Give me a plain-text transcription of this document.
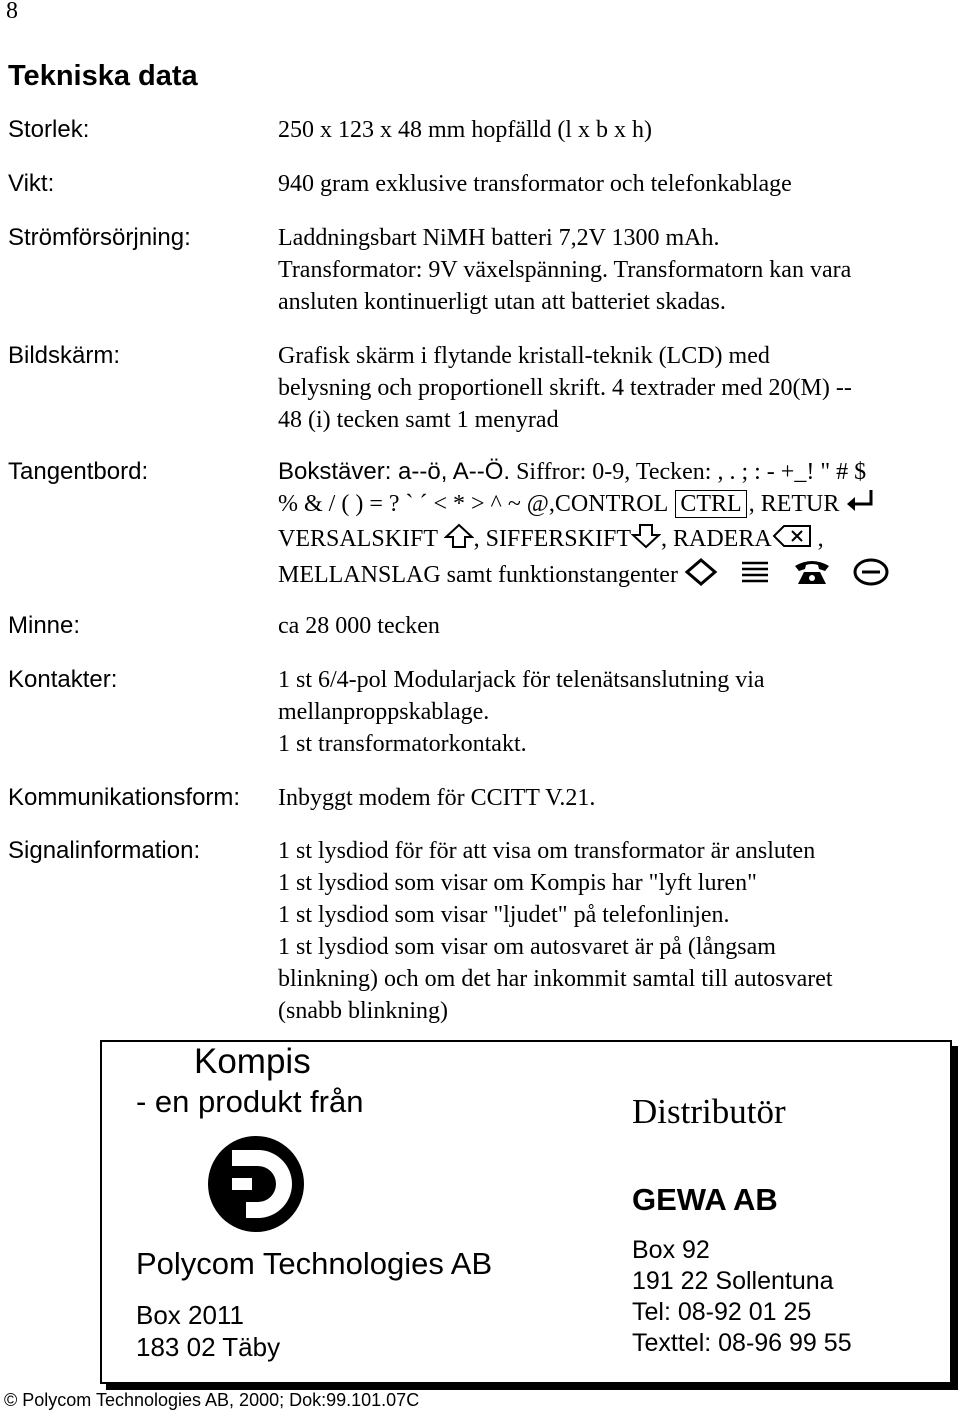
8
Tekniska data
Storlek:	250 x 123 x 48 mm hopfälld (l x b x h)
Vikt:	940 gram exklusive transformator och telefonkablage
Strömförsörjning:	Laddningsbart NiMH batteri 7,2V 1300 mAh.
Transformator: 9V växelspänning. Transformatorn kan vara
ansluten kontinuerligt utan att batteriet skadas.
Bildskärm:	Grafisk skärm i flytande kristall-teknik (LCD) med
belysning och proportionell skrift. 4 textrader med 20(M) --
48 (i) tecken samt 1 menyrad
Tangentbord:	Bokstäver: a--ö, A--Ö. Siffror: 0-9, Tecken: , . ; : - +_! " # $
% & / ( ) = ? ` ´ < * > ^ ~ @,CONTROL CTRL , RETUR
VERSALSKIFT , SIFFERSKIFT , RADERA ,
MELLANSLAG samt funktionstangenter
Minne:	ca 28 000 tecken
Kontakter:	1 st 6/4-pol Modularjack för telenätsanslutning via
mellanproppskablage.
1 st transformatorkontakt.
Kommunikationsform: Inbyggt modem för CCITT V.21.
Signalinformation:	1 st lysdiod för för att visa om transformator är ansluten
1 st lysdiod som visar om Kompis har "lyft luren"
1 st lysdiod som visar "ljudet" på telefonlinjen.
1 st lysdiod som visar om autosvaret är på (långsam
blinkning) och om det har inkommit samtal till autosvaret
(snabb blinkning)
Kompis
- en produkt från
Polycom Technologies AB
Box 2011
183 02 Täby
Distributör
GEWA AB
Box 92
191 22 Sollentuna
Tel: 08-92 01 25
Texttel: 08-96 99 55
© Polycom Technologies AB, 2000; Dok:99.101.07C
